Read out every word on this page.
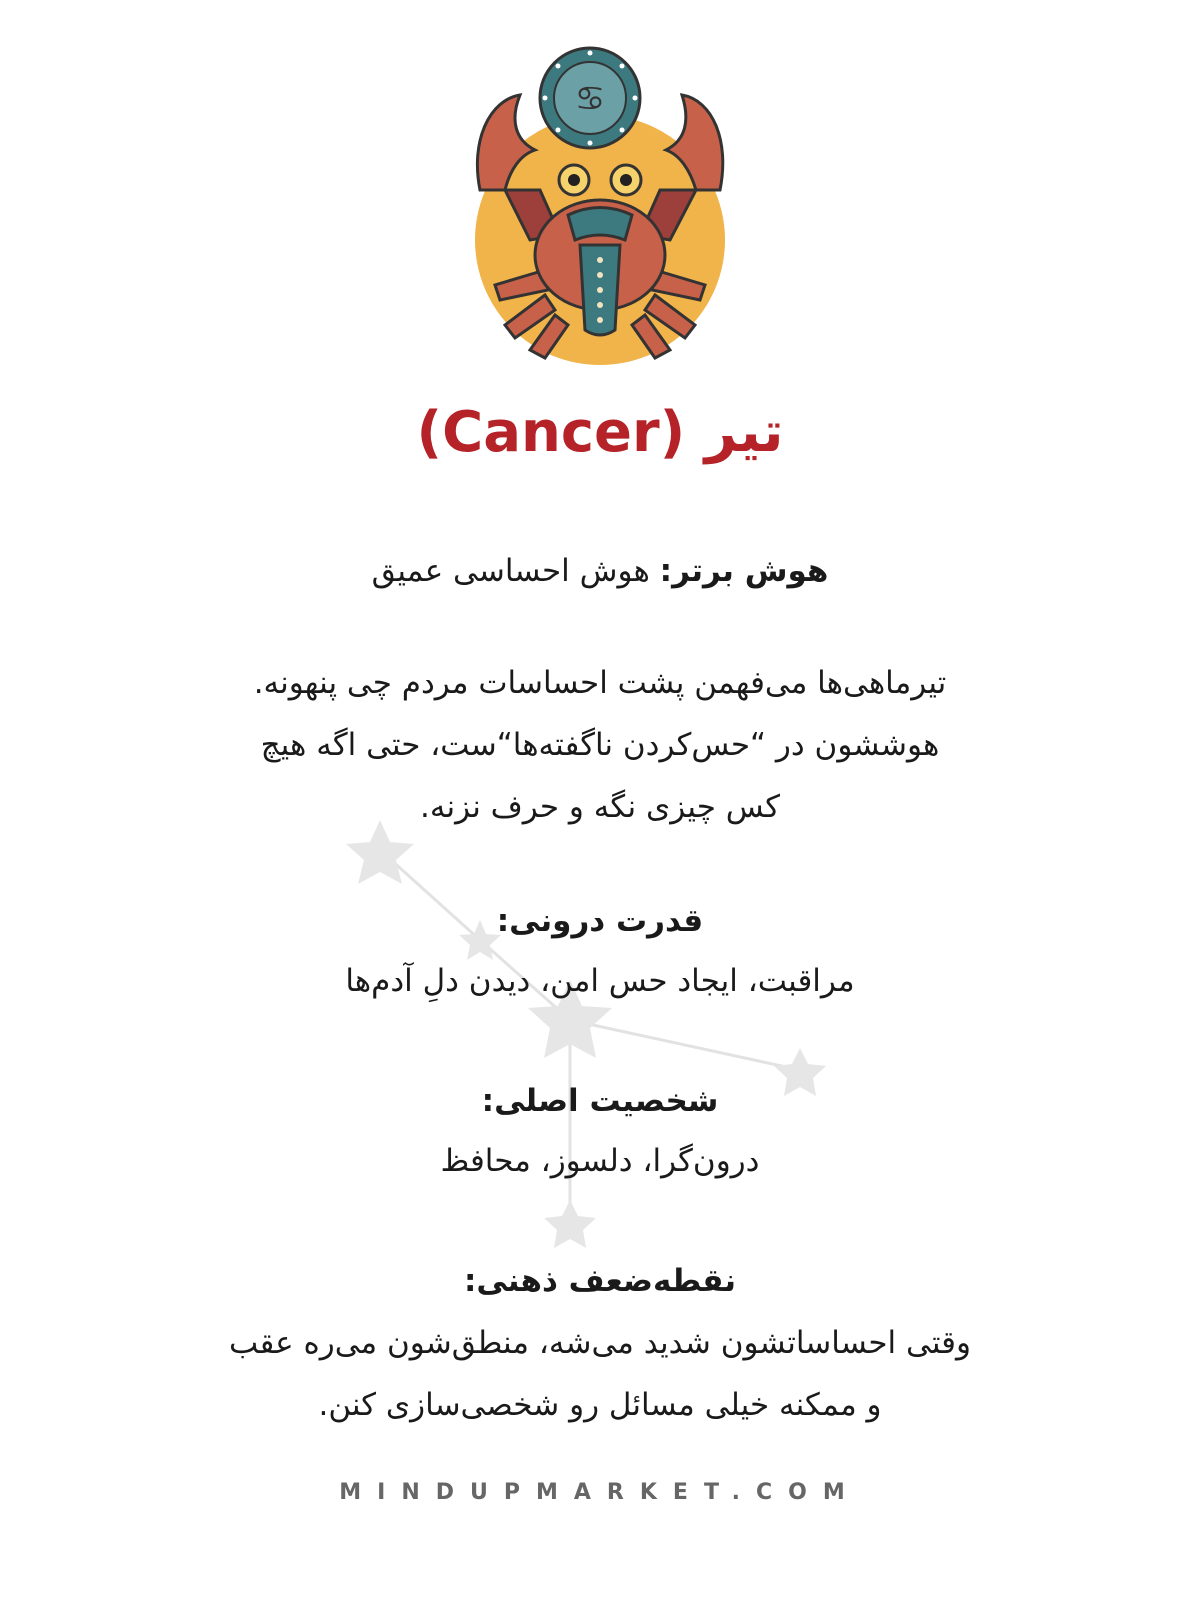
♋
تیر (Cancer)
هوش برتر: هوش احساسی عمیق
تیرماهی‌ها می‌فهمن پشت احساسات مردم چی پنهونه.
هوششون در “حس‌کردن ناگفته‌ها“ست، حتی اگه هیچ
کس چیزی نگه و حرف نزنه.
قدرت درونی:
مراقبت، ایجاد حس امن، دیدن دلِ آدم‌ها
شخصیت اصلی:
درون‌گرا، دلسوز، محافظ
نقطه‌ضعف ذهنی:
وقتی احساساتشون شدید می‌شه، منطق‌شون می‌ره عقب
و ممکنه خیلی مسائل رو شخصی‌سازی کنن.
MINDUPMARKET.COM
